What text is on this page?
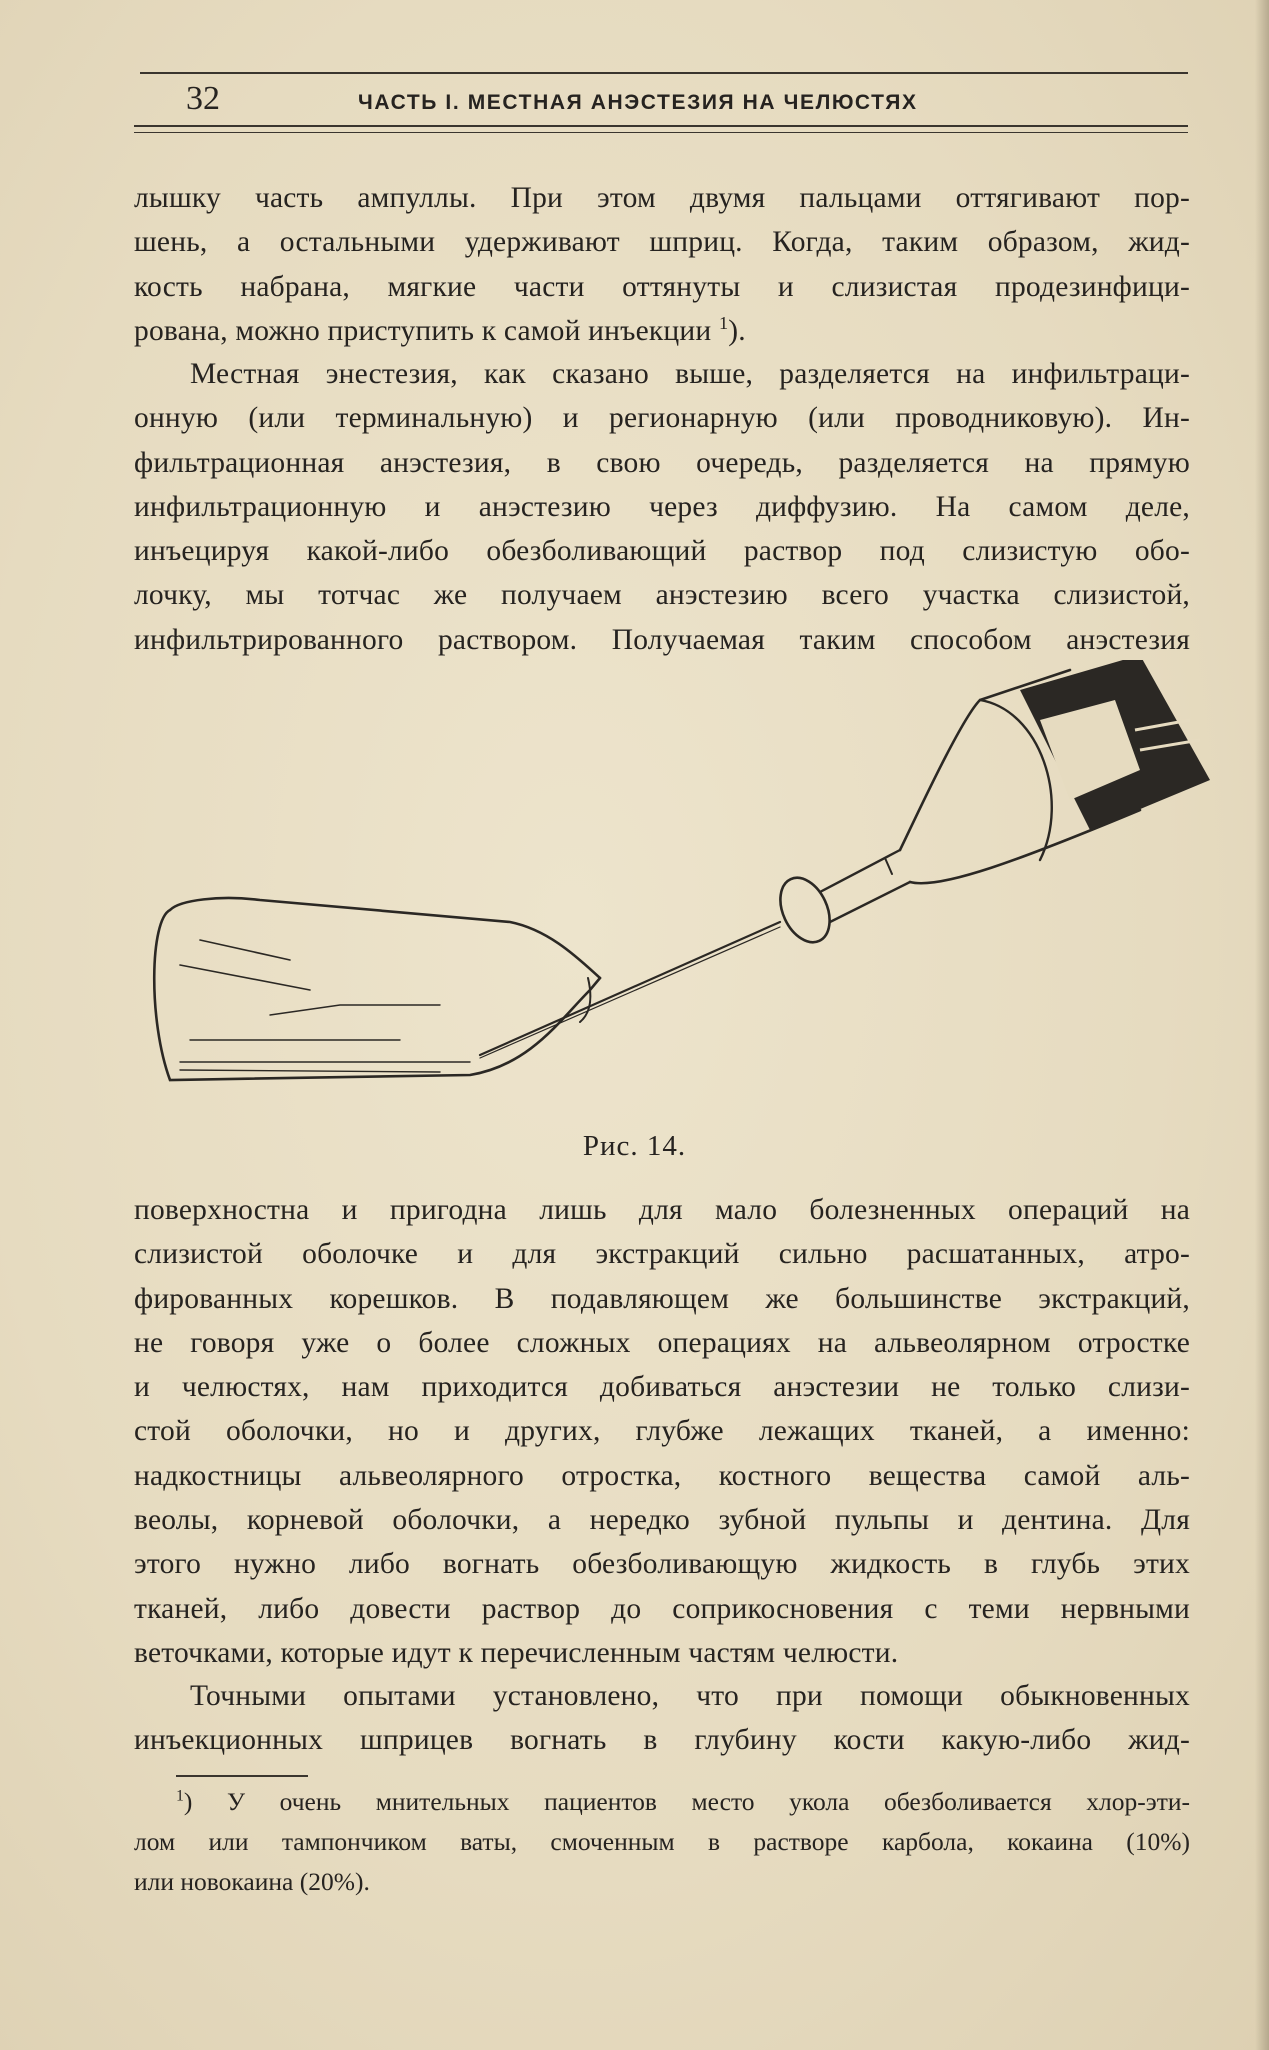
32	ЧАСТЬ I. МЕСТНАЯ АНЭСТЕЗИЯ НА ЧЕЛЮСТЯХ
лышку часть ампуллы. При этом двумя пальцами оттягивают пор-
шень, а остальными удерживают шприц. Когда, таким образом, жид-
кость набрана, мягкие части оттянуты и слизистая продезинфици-
рована, можно приступить к самой инъекции $^1$).
Местная энестезия, как сказано выше, разделяется на инфильтраци-
онную (или терминальную) и регионарную (или проводниковую). Ин-
фильтрационная анэстезия, в свою очередь, разделяется на прямую
инфильтрационную и анэстезию через диффузию. На самом деле,
инъецируя какой-либо обезболивающий раствор под слизистую обо-
лочку, мы тотчас же получаем анэстезию всего участка слизистой,
инфильтрированного раствором. Получаемая таким способом анэстезия
Рис. 14.
поверхностна и пригодна лишь для мало болезненных операций на
слизистой оболочке и для экстракций сильно расшатанных, атро-
фированных корешков. В подавляющем же большинстве экстракций,
не говоря уже о более сложных операциях на альвеолярном отростке
и челюстях, нам приходится добиваться анэстезии не только слизи-
стой оболочки, но и других, глубже лежащих тканей, а именно:
надкостницы альвеолярного отростка, костного вещества самой аль-
веолы, корневой оболочки, а нередко зубной пульпы и дентина. Для
этого нужно либо вогнать обезболивающую жидкость в глубь этих
тканей, либо довести раствор до соприкосновения с теми нервными
веточками, которые идут к перечисленным частям челюсти.
Точными опытами установлено, что при помощи обыкновенных
инъекционных шприцев вогнать в глубину кости какую-либо жид-
$^1$) У очень мнительных пациентов место укола обезболивается хлор-эти-
лом или тампончиком ваты, смоченным в растворе карбола, кокаина (10%)
или новокаина (20%).
